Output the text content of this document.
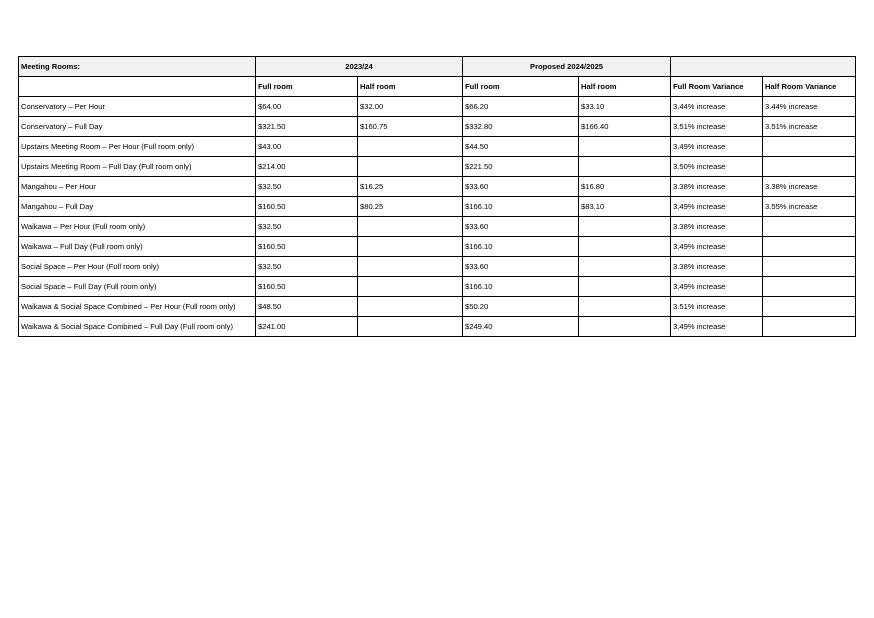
Meeting Rooms:	2023/24		Proposed 2024/2025			
	Full room	Half room	Full room	Half room	Full Room Variance	Half Room Variance
Conservatory – Per Hour	$64.00	$32.00	$66.20	$33.10	3.44% increase	3.44% increase
Conservatory – Full Day	$321.50	$160.75	$332.80	$166.40	3.51% increase	3.51% increase
Upstairs Meeting Room – Per Hour (Full room only)	$43.00		$44.50		3.49% increase	
Upstairs Meeting Room – Full Day (Full room only)	$214.00		$221.50		3.50% increase	
Mangahou – Per Hour	$32.50	$16.25	$33.60	$16.80	3.38% increase	3.38% increase
Mangahou – Full Day	$160.50	$80.25	$166.10	$83.10	3.49% increase	3.55% increase
Waikawa – Per Hour (Full room only)	$32.50		$33.60		3.38% increase	
Waikawa – Full Day (Full room only)	$160.50		$166.10		3.49% increase	
Social Space – Per Hour (Full room only)	$32.50		$33.60		3.38% increase	
Social Space – Full Day (Full room only)	$160.50		$166.10		3.49% increase	
Waikawa & Social Space Combined – Per Hour (Full room only)	$48.50		$50.20		3.51% increase	
Waikawa & Social Space Combined – Full Day (Full room only)	$241.00		$249.40		3.49% increase	
